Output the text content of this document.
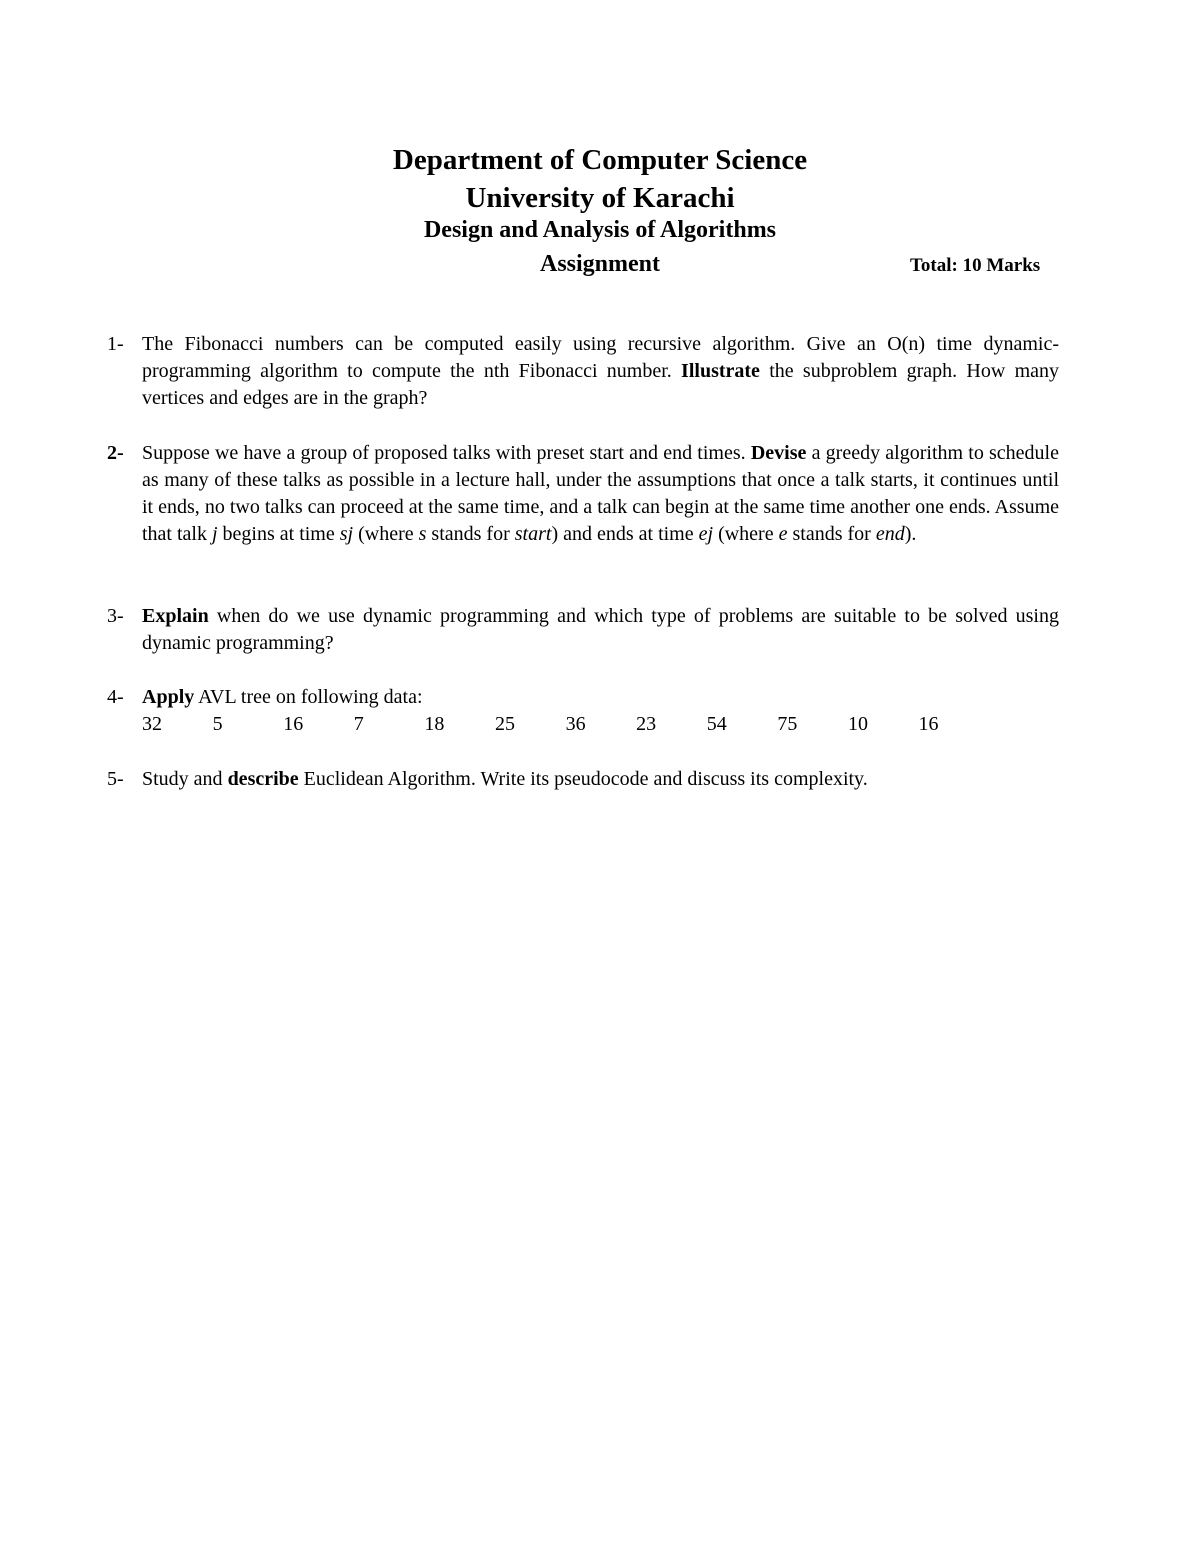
Department of Computer Science
University of Karachi
Design and Analysis of Algorithms
Assignment	Total: 10 Marks
1- The Fibonacci numbers can be computed easily using recursive algorithm. Give an O(n) time dynamic-programming algorithm to compute the nth Fibonacci number. Illustrate the subproblem graph. How many vertices and edges are in the graph?
2- Suppose we have a group of proposed talks with preset start and end times. Devise a greedy algorithm to schedule as many of these talks as possible in a lecture hall, under the assumptions that once a talk starts, it continues until it ends, no two talks can proceed at the same time, and a talk can begin at the same time another one ends. Assume that talk j begins at time sj (where s stands for start) and ends at time ej (where e stands for end).
3- Explain when do we use dynamic programming and which type of problems are suitable to be solved using dynamic programming?
4- Apply AVL tree on following data:
32	5	16	7	18	25	36	23	54	75	10	16
5- Study and describe Euclidean Algorithm. Write its pseudocode and discuss its complexity.
